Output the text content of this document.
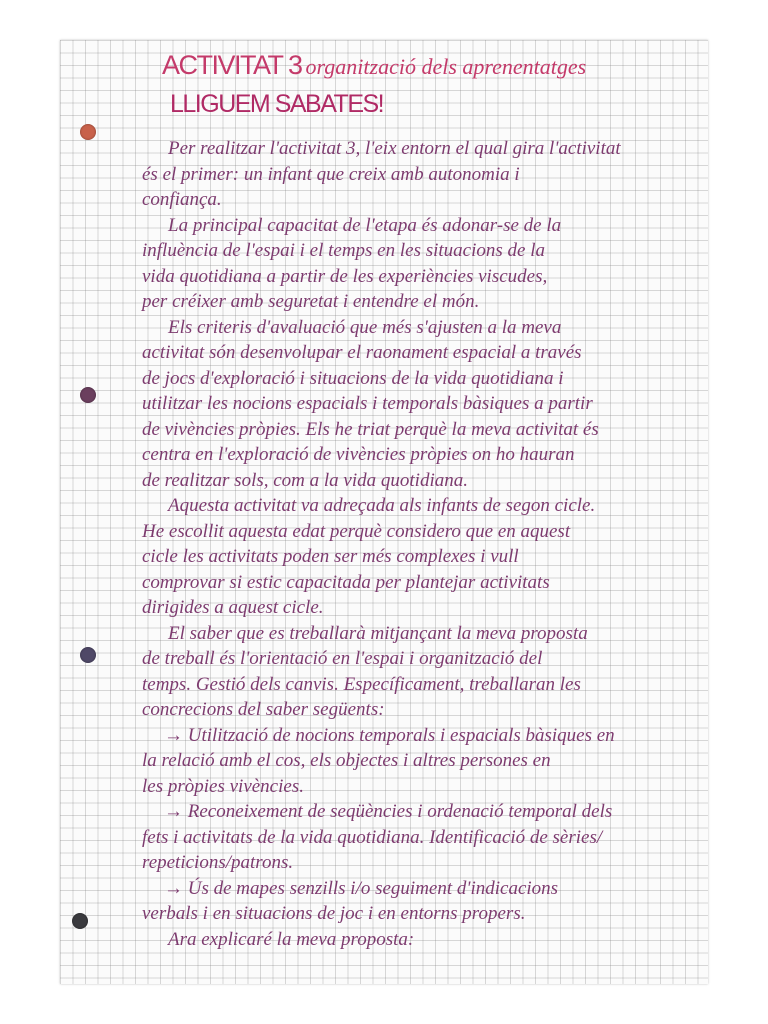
ACTIVITAT 3 organització dels aprenentatges
LLIGUEM SABATES!
Per realitzar l'activitat 3, l'eix entorn el qual gira l'activitat
és el primer: un infant que creix amb autonomia i
confiança.
La principal capacitat de l'etapa és adonar-se de la
influència de l'espai i el temps en les situacions de la
vida quotidiana a partir de les experiències viscudes,
per créixer amb seguretat i entendre el món.
Els criteris d'avaluació que més s'ajusten a la meva
activitat són desenvolupar el raonament espacial a través
de jocs d'exploració i situacions de la vida quotidiana i
utilitzar les nocions espacials i temporals bàsiques a partir
de vivències pròpies. Els he triat perquè la meva activitat és
centra en l'exploració de vivències pròpies on ho hauran
de realitzar sols, com a la vida quotidiana.
Aquesta activitat va adreçada als infants de segon cicle.
He escollit aquesta edat perquè considero que en aquest
cicle les activitats poden ser més complexes i vull
comprovar si estic capacitada per plantejar activitats
dirigides a aquest cicle.
El saber que es treballarà mitjançant la meva proposta
de treball és l'orientació en l'espai i organització del
temps. Gestió dels canvis. Específicament, treballaran les
concrecions del saber següents:
→ Utilització de nocions temporals i espacials bàsiques en
la relació amb el cos, els objectes i altres persones en
les pròpies vivències.
→ Reconeixement de seqüències i ordenació temporal dels
fets i activitats de la vida quotidiana. Identificació de sèries/
repeticions/patrons.
→ Ús de mapes senzills i/o seguiment d'indicacions
verbals i en situacions de joc i en entorns propers.
Ara explicaré la meva proposta:
